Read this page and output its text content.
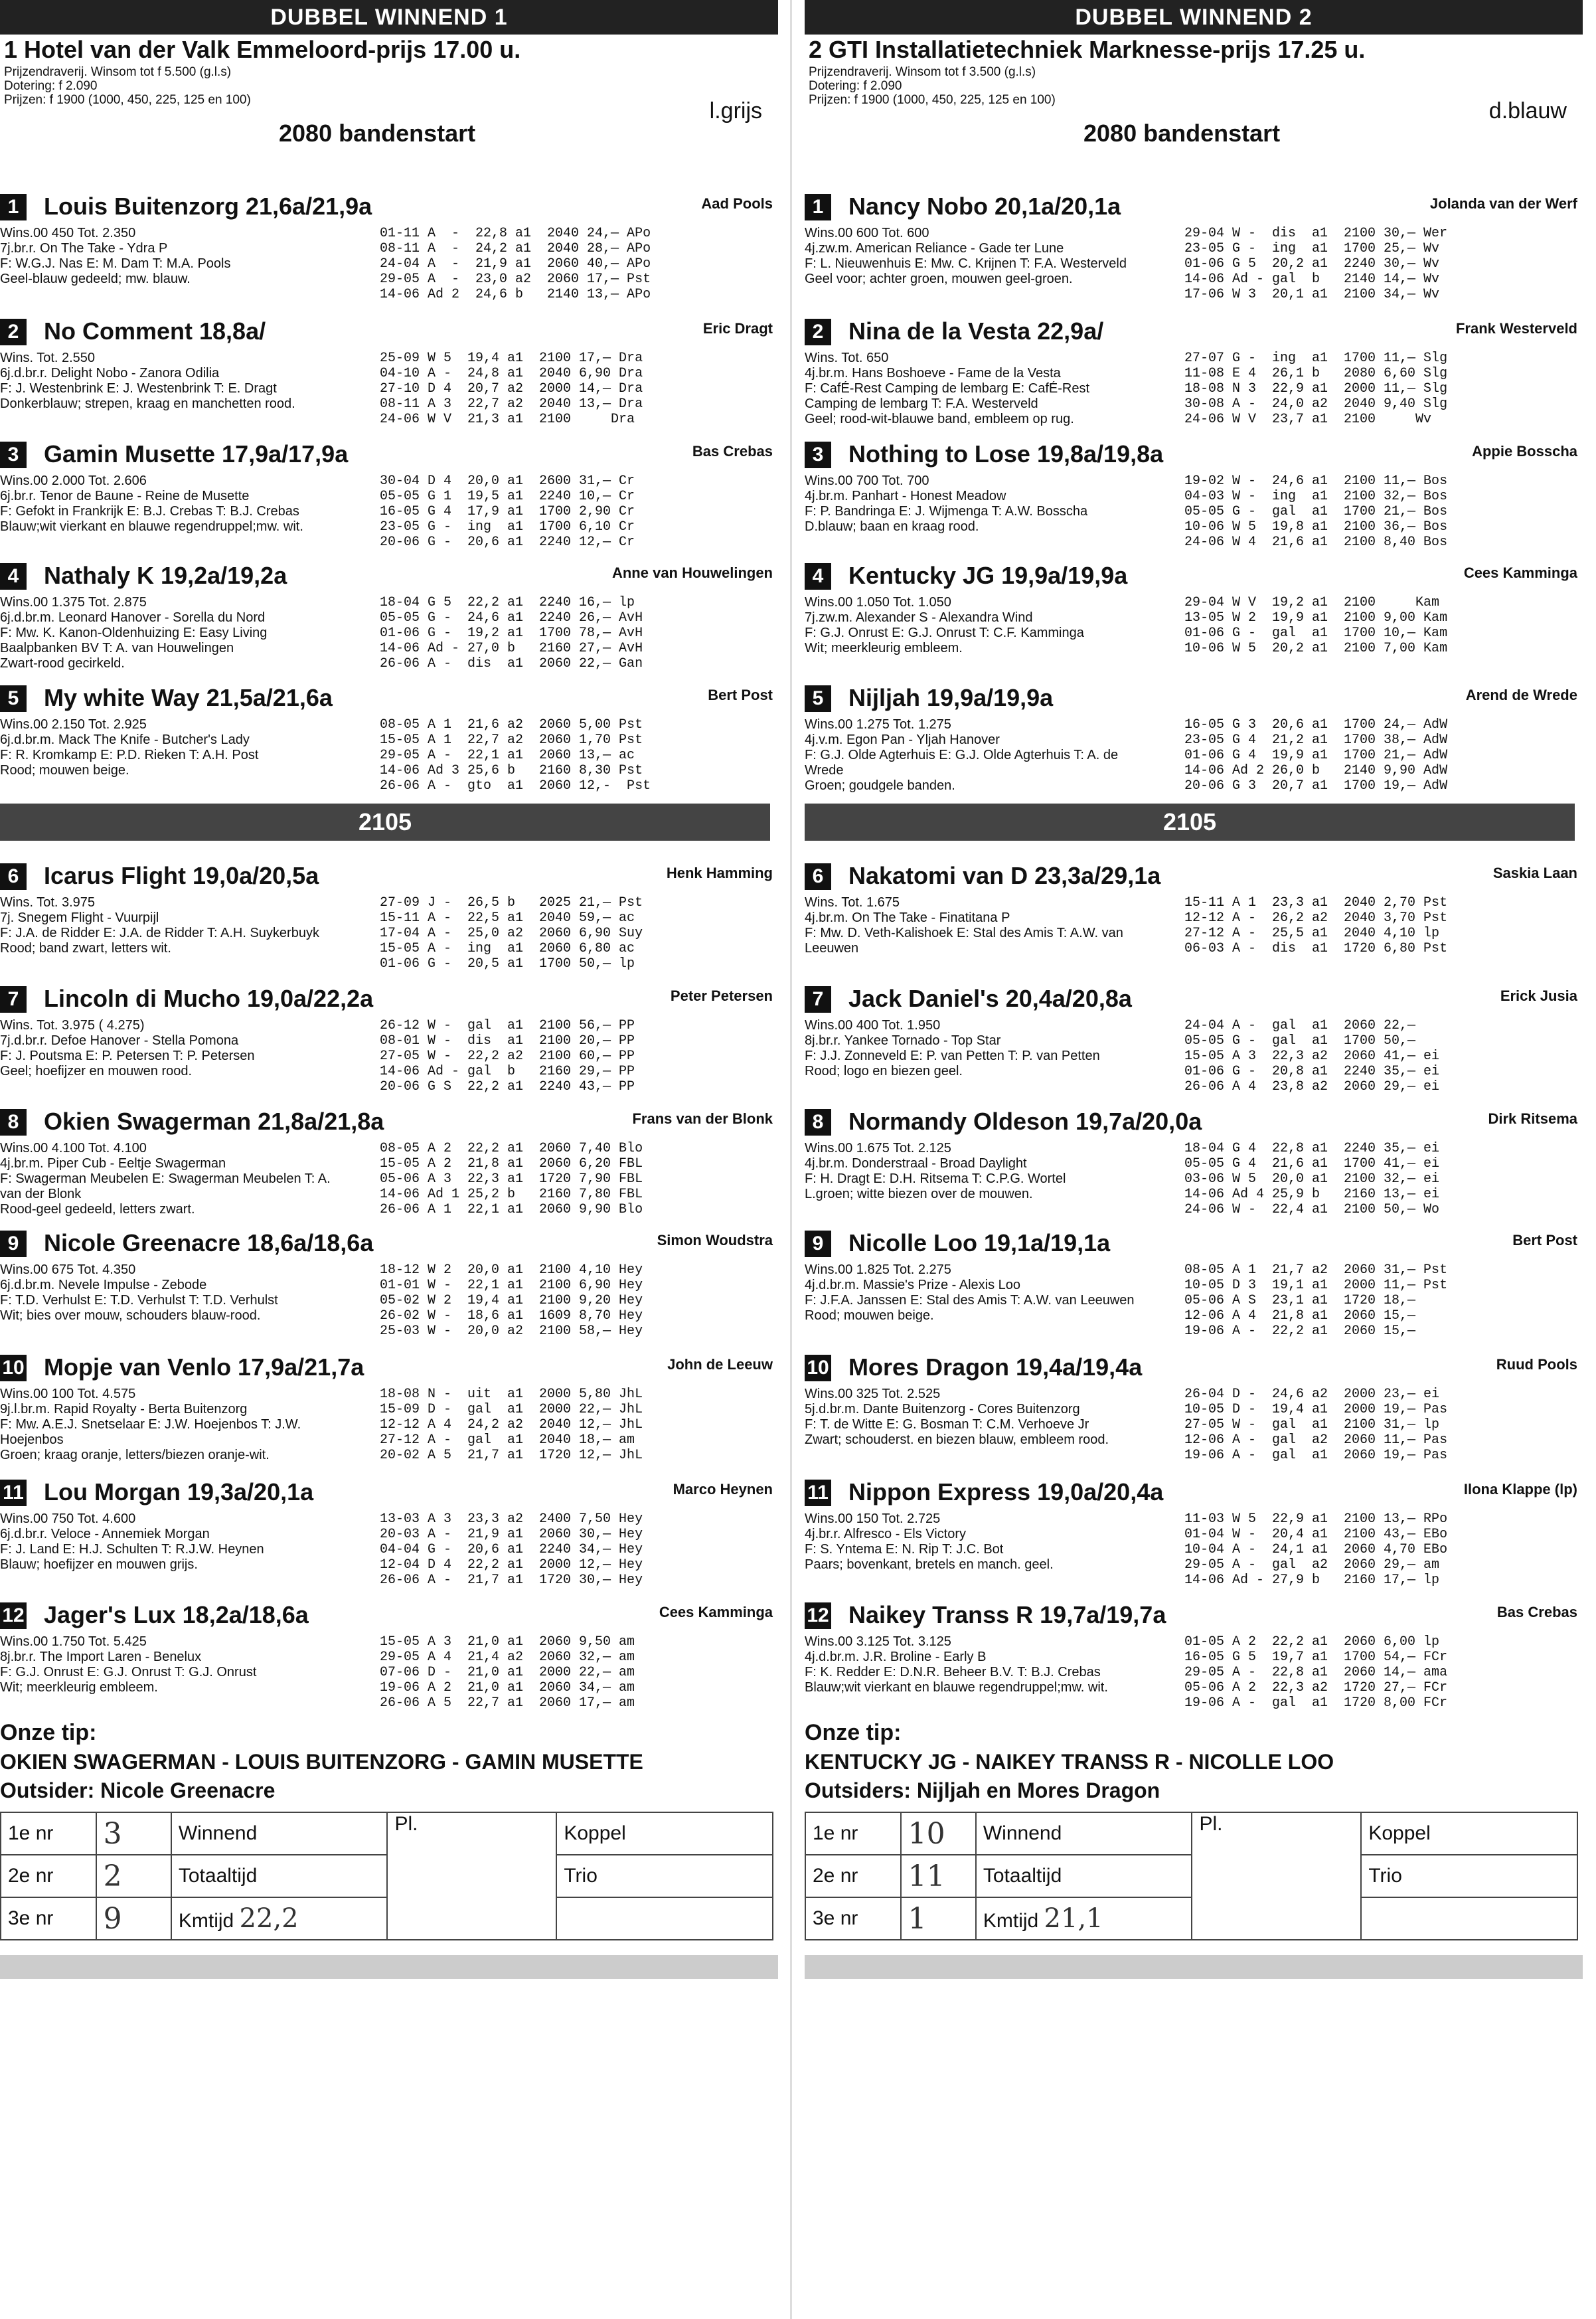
DUBBEL WINNEND 1
1 Hotel van der Valk Emmeloord-prijs 17.00 u.
Prijzendraverij. Winsom tot f 5.500 (g.l.s)
Dotering: f 2.090
Prijzen: f 1900 (1000, 450, 225, 125 en 100)	l.grijs
2080 bandenstart
2105
1	Louis Buitenzorg 21,6a/21,9a	Aad Pools
Wins.00 450 Tot. 2.350
7j.br.r. On The Take - Ydra P
F: W.G.J. Nas E: M. Dam T: M.A. Pools
Geel-blauw gedeeld; mw. blauw.
01-11 A  -  22,8 a1  2040 24,— APo
08-11 A  -  24,2 a1  2040 28,— APo
24-04 A  -  21,9 a1  2060 40,— APo
29-05 A  -  23,0 a2  2060 17,— Pst
14-06 Ad 2  24,6 b   2140 13,— APo
2	No Comment 18,8a/	Eric Dragt
Wins. Tot. 2.550
6j.d.br.r. Delight Nobo - Zanora Odilia
F: J. Westenbrink E: J. Westenbrink T: E. Dragt
Donkerblauw; strepen, kraag en manchetten rood.
25-09 W 5  19,4 a1  2100 17,— Dra
04-10 A -  24,8 a1  2040 6,90 Dra
27-10 D 4  20,7 a2  2000 14,— Dra
08-11 A 3  22,7 a2  2040 13,— Dra
24-06 W V  21,3 a1  2100     Dra
3	Gamin Musette 17,9a/17,9a	Bas Crebas
Wins.00 2.000 Tot. 2.606
6j.br.r. Tenor de Baune - Reine de Musette
F: Gefokt in Frankrijk E: B.J. Crebas T: B.J. Crebas
Blauw;wit vierkant en blauwe regendruppel;mw. wit.
30-04 D 4  20,0 a1  2600 31,— Cr
05-05 G 1  19,5 a1  2240 10,— Cr
16-05 G 4  17,9 a1  1700 2,90 Cr
23-05 G -  ing  a1  1700 6,10 Cr
20-06 G -  20,6 a1  2240 12,— Cr
4	Nathaly K 19,2a/19,2a	Anne van Houwelingen
Wins.00 1.375 Tot. 2.875
6j.d.br.m. Leonard Hanover - Sorella du Nord
F: Mw. K. Kanon-Oldenhuizing E: Easy Living
Baalpbanken BV T: A. van Houwelingen
Zwart-rood gecirkeld.
18-04 G 5  22,2 a1  2240 16,— lp
05-05 G -  24,6 a1  2240 26,— AvH
01-06 G -  19,2 a1  1700 78,— AvH
14-06 Ad - 27,0 b   2160 27,— AvH
26-06 A -  dis  a1  2060 22,— Gan
5	My white Way 21,5a/21,6a	Bert Post
Wins.00 2.150 Tot. 2.925
6j.d.br.m. Mack The Knife - Butcher's Lady
F: R. Kromkamp E: P.D. Rieken T: A.H. Post
Rood; mouwen beige.
08-05 A 1  21,6 a2  2060 5,00 Pst
15-05 A 1  22,7 a2  2060 1,70 Pst
29-05 A -  22,1 a1  2060 13,— ac
14-06 Ad 3 25,6 b   2160 8,30 Pst
26-06 A -  gto  a1  2060 12,-  Pst
6	Icarus Flight 19,0a/20,5a	Henk Hamming
Wins. Tot. 3.975
7j. Snegem Flight - Vuurpijl
F: J.A. de Ridder E: J.A. de Ridder T: A.H. Suykerbuyk
Rood; band zwart, letters wit.
27-09 J -  26,5 b   2025 21,— Pst
15-11 A -  22,5 a1  2040 59,— ac
17-04 A -  25,0 a2  2060 6,90 Suy
15-05 A -  ing  a1  2060 6,80 ac
01-06 G -  20,5 a1  1700 50,— lp
7	Lincoln di Mucho 19,0a/22,2a	Peter Petersen
Wins. Tot. 3.975 ( 4.275)
7j.d.br.r. Defoe Hanover - Stella Pomona
F: J. Poutsma E: P. Petersen T: P. Petersen
Geel; hoefijzer en mouwen rood.
26-12 W -  gal  a1  2100 56,— PP
08-01 W -  dis  a1  2100 20,— PP
27-05 W -  22,2 a2  2100 60,— PP
14-06 Ad - gal  b   2160 29,— PP
20-06 G S  22,2 a1  2240 43,— PP
8	Okien Swagerman 21,8a/21,8a	Frans van der Blonk
Wins.00 4.100 Tot. 4.100
4j.br.m. Piper Cub - Eeltje Swagerman
F: Swagerman Meubelen E: Swagerman Meubelen T: A.
van der Blonk
Rood-geel gedeeld, letters zwart.
08-05 A 2  22,2 a1  2060 7,40 Blo
15-05 A 2  21,8 a1  2060 6,20 FBL
05-06 A 3  22,3 a1  1720 7,90 FBL
14-06 Ad 1 25,2 b   2160 7,80 FBL
26-06 A 1  22,1 a1  2060 9,90 Blo
9	Nicole Greenacre 18,6a/18,6a	Simon Woudstra
Wins.00 675 Tot. 4.350
6j.d.br.m. Nevele Impulse - Zebode
F: T.D. Verhulst E: T.D. Verhulst T: T.D. Verhulst
Wit; bies over mouw, schouders blauw-rood.
18-12 W 2  20,0 a1  2100 4,10 Hey
01-01 W -  22,1 a1  2100 6,90 Hey
05-02 W 2  19,4 a1  2100 9,20 Hey
26-02 W -  18,6 a1  1609 8,70 Hey
25-03 W -  20,0 a2  2100 58,— Hey
10 Mopje van Venlo 17,9a/21,7a	John de Leeuw
Wins.00 100 Tot. 4.575
9j.l.br.m. Rapid Royalty - Berta Buitenzorg
F: Mw. A.E.J. Snetselaar E: J.W. Hoejenbos T: J.W.
Hoejenbos
Groen; kraag oranje, letters/biezen oranje-wit.
18-08 N -  uit  a1  2000 5,80 JhL
15-09 D -  gal  a1  2000 22,— JhL
12-12 A 4  24,2 a2  2040 12,— JhL
27-12 A -  gal  a1  2040 18,— am
20-02 A 5  21,7 a1  1720 12,— JhL
11 Lou Morgan 19,3a/20,1a	Marco Heynen
Wins.00 750 Tot. 4.600
6j.d.br.r. Veloce - Annemiek Morgan
F: J. Land E: H.J. Schulten T: R.J.W. Heynen
Blauw; hoefijzer en mouwen grijs.
13-03 A 3  23,3 a2  2400 7,50 Hey
20-03 A -  21,9 a1  2060 30,— Hey
04-04 G -  20,6 a1  2240 34,— Hey
12-04 D 4  22,2 a1  2000 12,— Hey
26-06 A -  21,7 a1  1720 30,— Hey
12 Jager's Lux 18,2a/18,6a	Cees Kamminga
Wins.00 1.750 Tot. 5.425
8j.br.r. The Import Laren - Benelux
F: G.J. Onrust E: G.J. Onrust T: G.J. Onrust
Wit; meerkleurig embleem.
15-05 A 3  21,0 a1  2060 9,50 am
29-05 A 4  21,4 a2  2060 32,— am
07-06 D -  21,0 a1  2000 22,— am
19-06 A 2  21,0 a1  2060 34,— am
26-06 A 5  22,7 a1  2060 17,— am
Onze tip:
OKIEN SWAGERMAN - LOUIS BUITENZORG - GAMIN MUSETTE
Outsider: Nicole Greenacre
1e nr	3	Winnend	Pl.	Koppel
2e nr	2	Totaaltijd		Trio
3e nr	9	Kmtijd 22,2		
DUBBEL WINNEND 2
2 GTI Installatietechniek Marknesse-prijs 17.25 u.
Prijzendraverij. Winsom tot f 3.500 (g.l.s)
Dotering: f 2.090
Prijzen: f 1900 (1000, 450, 225, 125 en 100)	d.blauw
2080 bandenstart
2105
1	Nancy Nobo 20,1a/20,1a	Jolanda van der Werf
Wins.00 600 Tot. 600
4j.zw.m. American Reliance - Gade ter Lune
F: L. Nieuwenhuis E: Mw. C. Krijnen T: F.A. Westerveld
Geel voor; achter groen, mouwen geel-groen.
29-04 W -  dis  a1  2100 30,— Wer
23-05 G -  ing  a1  1700 25,— Wv
01-06 G 5  20,2 a1  2240 30,— Wv
14-06 Ad - gal  b   2140 14,— Wv
17-06 W 3  20,1 a1  2100 34,— Wv
2	Nina de la Vesta 22,9a/	Frank Westerveld
Wins. Tot. 650
4j.br.m. Hans Boshoeve - Fame de la Vesta
F: CafÉ-Rest Camping de lembarg E: CafÉ-Rest
Camping de lembarg T: F.A. Westerveld
Geel; rood-wit-blauwe band, embleem op rug.
27-07 G -  ing  a1  1700 11,— Slg
11-08 E 4  26,1 b   2080 6,60 Slg
18-08 N 3  22,9 a1  2000 11,— Slg
30-08 A -  24,0 a2  2040 9,40 Slg
24-06 W V  23,7 a1  2100     Wv
3	Nothing to Lose 19,8a/19,8a	Appie Bosscha
Wins.00 700 Tot. 700
4j.br.m. Panhart - Honest Meadow
F: P. Bandringa E: J. Wijmenga T: A.W. Bosscha
D.blauw; baan en kraag rood.
19-02 W -  24,6 a1  2100 11,— Bos
04-03 W -  ing  a1  2100 32,— Bos
05-05 G -  gal  a1  1700 21,— Bos
10-06 W 5  19,8 a1  2100 36,— Bos
24-06 W 4  21,6 a1  2100 8,40 Bos
4	Kentucky JG 19,9a/19,9a	Cees Kamminga
Wins.00 1.050 Tot. 1.050
7j.zw.m. Alexander S - Alexandra Wind
F: G.J. Onrust E: G.J. Onrust T: C.F. Kamminga
Wit; meerkleurig embleem.
29-04 W V  19,2 a1  2100     Kam
13-05 W 2  19,9 a1  2100 9,00 Kam
01-06 G -  gal  a1  1700 10,— Kam
10-06 W 5  20,2 a1  2100 7,00 Kam
5	Nijljah 19,9a/19,9a	Arend de Wrede
Wins.00 1.275 Tot. 1.275
4j.v.m. Egon Pan - Yljah Hanover
F: G.J. Olde Agterhuis E: G.J. Olde Agterhuis T: A. de
Wrede
Groen; goudgele banden.
16-05 G 3  20,6 a1  1700 24,— AdW
23-05 G 4  21,2 a1  1700 38,— AdW
01-06 G 4  19,9 a1  1700 21,— AdW
14-06 Ad 2 26,0 b   2140 9,90 AdW
20-06 G 3  20,7 a1  1700 19,— AdW
6	Nakatomi van D 23,3a/29,1a	Saskia Laan
Wins. Tot. 1.675
4j.br.m. On The Take - Finatitana P
F: Mw. D. Veth-Kalishoek E: Stal des Amis T: A.W. van
Leeuwen
15-11 A 1  23,3 a1  2040 2,70 Pst
12-12 A -  26,2 a2  2040 3,70 Pst
27-12 A -  25,5 a1  2040 4,10 lp
06-03 A -  dis  a1  1720 6,80 Pst
7	Jack Daniel's 20,4a/20,8a	Erick Jusia
Wins.00 400 Tot. 1.950
8j.br.r. Yankee Tornado - Top Star
F: J.J. Zonneveld E: P. van Petten T: P. van Petten
Rood; logo en biezen geel.
24-04 A -  gal  a1  2060 22,—
05-05 G -  gal  a1  1700 50,—
15-05 A 3  22,3 a2  2060 41,— ei
01-06 G -  20,8 a1  2240 35,— ei
26-06 A 4  23,8 a2  2060 29,— ei
8	Normandy Oldeson 19,7a/20,0a	Dirk Ritsema
Wins.00 1.675 Tot. 2.125
4j.br.m. Donderstraal - Broad Daylight
F: H. Dragt E: D.H. Ritsema T: C.P.G. Wortel
L.groen; witte biezen over de mouwen.
18-04 G 4  22,8 a1  2240 35,— ei
05-05 G 4  21,6 a1  1700 41,— ei
03-06 W 5  20,0 a1  2100 32,— ei
14-06 Ad 4 25,9 b   2160 13,— ei
24-06 W -  22,4 a1  2100 50,— Wo
9	Nicolle Loo 19,1a/19,1a	Bert Post
Wins.00 1.825 Tot. 2.275
4j.d.br.m. Massie's Prize - Alexis Loo
F: J.F.A. Janssen E: Stal des Amis T: A.W. van Leeuwen
Rood; mouwen beige.
08-05 A 1  21,7 a2  2060 31,— Pst
10-05 D 3  19,1 a1  2000 11,— Pst
05-06 A S  23,1 a1  1720 18,—
12-06 A 4  21,8 a1  2060 15,—
19-06 A -  22,2 a1  2060 15,—
10 Mores Dragon 19,4a/19,4a	Ruud Pools
Wins.00 325 Tot. 2.525
5j.d.br.m. Dante Buitenzorg - Cores Buitenzorg
F: T. de Witte E: G. Bosman T: C.M. Verhoeve Jr
Zwart; schouderst. en biezen blauw, embleem rood.
26-04 D -  24,6 a2  2000 23,— ei
10-05 D -  19,4 a1  2000 19,— Pas
27-05 W -  gal  a1  2100 31,— lp
12-06 A -  gal  a2  2060 11,— Pas
19-06 A -  gal  a1  2060 19,— Pas
11 Nippon Express 19,0a/20,4a	Ilona Klappe (lp)
Wins.00 150 Tot. 2.725
4j.br.r. Alfresco - Els Victory
F: S. Yntema E: N. Rip T: J.C. Bot
Paars; bovenkant, bretels en manch. geel.
11-03 W 5  22,9 a1  2100 13,— RPo
01-04 W -  20,4 a1  2100 43,— EBo
10-04 A -  24,1 a1  2060 4,70 EBo
29-05 A -  gal  a2  2060 29,— am
14-06 Ad - 27,9 b   2160 17,— lp
12 Naikey Transs R 19,7a/19,7a	Bas Crebas
Wins.00 3.125 Tot. 3.125
4j.d.br.m. J.R. Broline - Early B
F: K. Redder E: D.N.R. Beheer B.V. T: B.J. Crebas
Blauw;wit vierkant en blauwe regendruppel;mw. wit.
01-05 A 2  22,2 a1  2060 6,00 lp
16-05 G 5  19,7 a1  1700 54,— FCr
29-05 A -  22,8 a1  2060 14,— ama
05-06 A 2  22,3 a2  1720 27,— FCr
19-06 A -  gal  a1  1720 8,00 FCr
Onze tip:
KENTUCKY JG - NAIKEY TRANSS R - NICOLLE LOO
Outsiders: Nijljah en Mores Dragon
1e nr	10	Winnend	Pl.	Koppel
2e nr	11	Totaaltijd		Trio
3e nr	1	Kmtijd 21,1		
